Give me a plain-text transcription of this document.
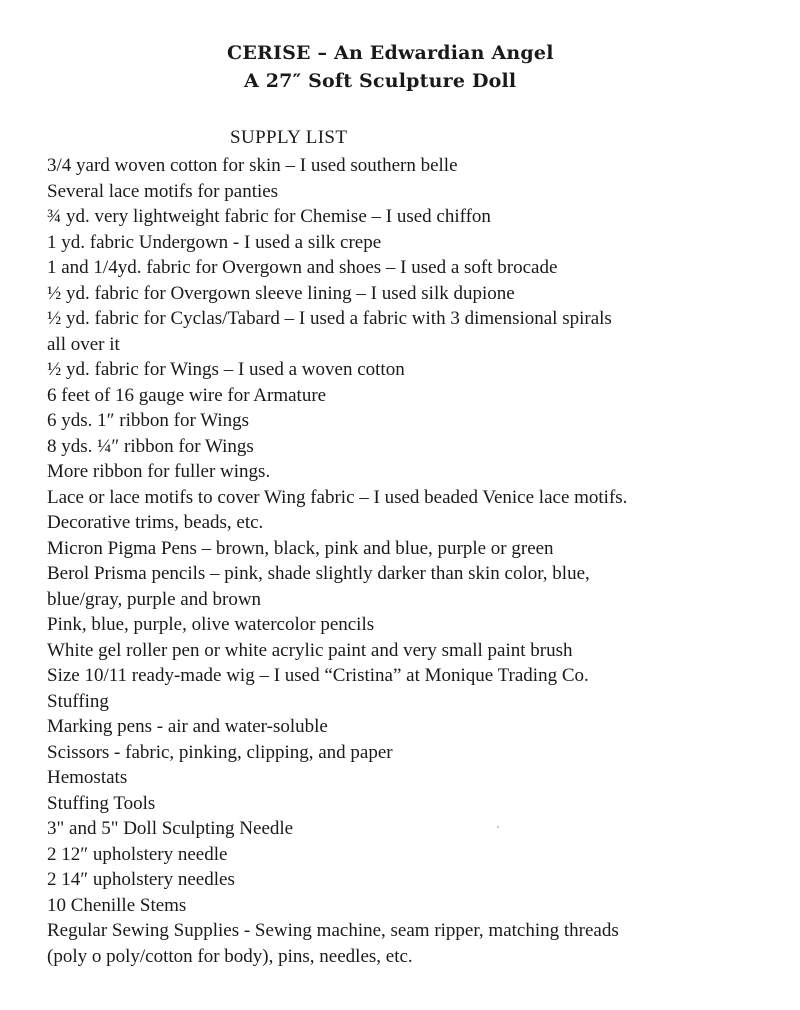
CERISE – An Edwardian Angel
A 27″ Soft Sculpture Doll
SUPPLY LIST
3/4 yard woven cotton for skin – I used southern belle
Several lace motifs for panties
¾ yd. very lightweight fabric for Chemise – I used chiffon
1 yd. fabric Undergown - I used a silk crepe
1 and 1/4yd. fabric for Overgown and shoes – I used a soft brocade
½ yd. fabric for Overgown sleeve lining – I used silk dupione
½ yd. fabric for Cyclas/Tabard – I used a fabric with 3 dimensional spirals
all over it
½ yd. fabric for Wings – I used a woven cotton
6 feet of 16 gauge wire for Armature
6 yds. 1″ ribbon for Wings
8 yds. ¼″ ribbon for Wings
More ribbon for fuller wings.
Lace or lace motifs to cover Wing fabric – I used beaded Venice lace motifs.
Decorative trims, beads, etc.
Micron Pigma Pens – brown, black, pink and blue, purple or green
Berol Prisma pencils – pink, shade slightly darker than skin color, blue,
blue/gray, purple and brown
Pink, blue, purple, olive watercolor pencils
White gel roller pen or white acrylic paint and very small paint brush
Size 10/11 ready-made wig – I used “Cristina” at Monique Trading Co.
Stuffing
Marking pens - air and water-soluble
Scissors - fabric, pinking, clipping, and paper
Hemostats
Stuffing Tools
3" and 5" Doll Sculpting Needle
2 12″ upholstery needle
2 14″ upholstery needles
10 Chenille Stems
Regular Sewing Supplies - Sewing machine, seam ripper, matching threads
(poly o poly/cotton for body), pins, needles, etc.
